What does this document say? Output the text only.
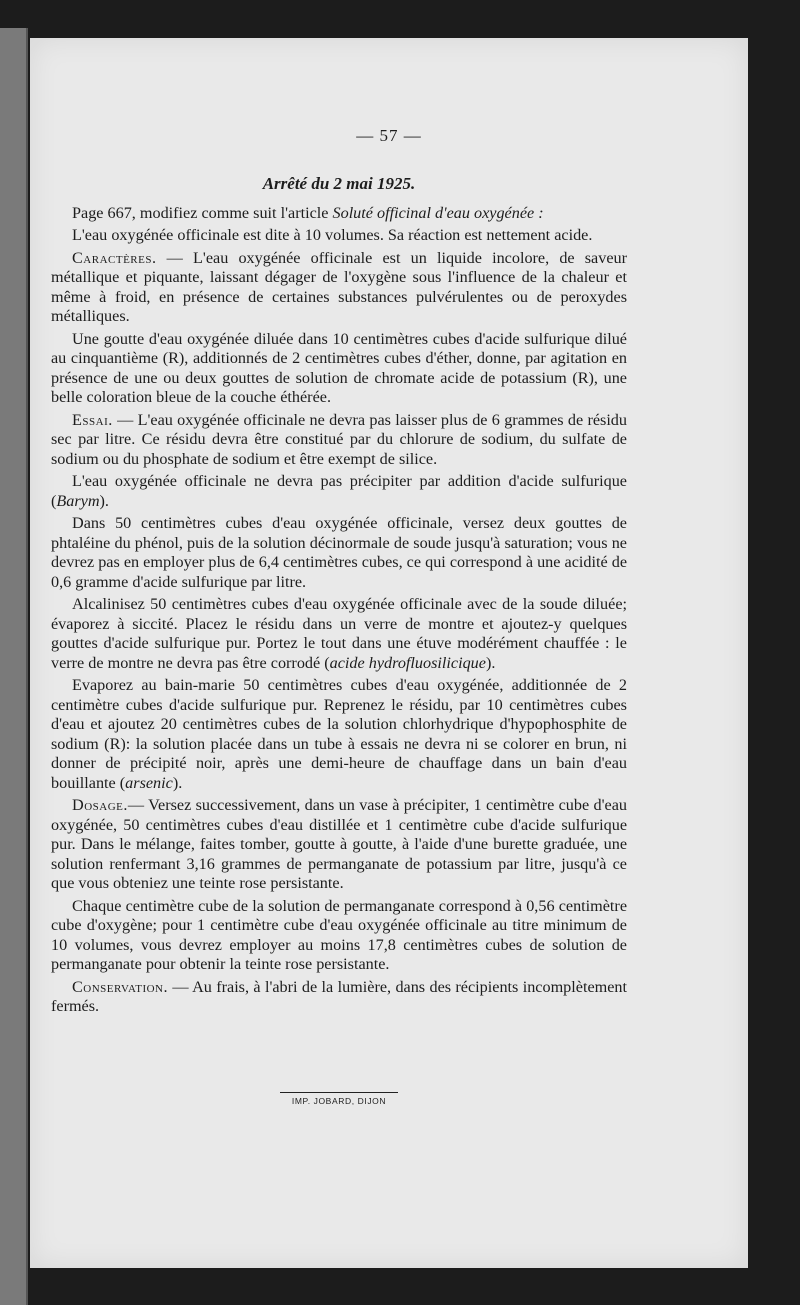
— 57 —
Arrêté du 2 mai 1925.

Page 667, modifiez comme suit l'article Soluté officinal d'eau oxygénée :

L'eau oxygénée officinale est dite à 10 volumes. Sa réaction est nettement acide.

Caractères. — L'eau oxygénée officinale est un liquide incolore, de saveur métallique et piquante, laissant dégager de l'oxygène sous l'influence de la chaleur et même à froid, en présence de certaines substances pulvérulentes ou de peroxydes métalliques.

Une goutte d'eau oxygénée diluée dans 10 centimètres cubes d'acide sulfurique dilué au cinquantième (R), additionnés de 2 centimètres cubes d'éther, donne, par agitation en présence de une ou deux gouttes de solution de chromate acide de potassium (R), une belle coloration bleue de la couche éthérée.

Essai. — L'eau oxygénée officinale ne devra pas laisser plus de 6 grammes de résidu sec par litre. Ce résidu devra être constitué par du chlorure de sodium, du sulfate de sodium ou du phosphate de sodium et être exempt de silice.

L'eau oxygénée officinale ne devra pas précipiter par addition d'acide sulfurique (Barym).

Dans 50 centimètres cubes d'eau oxygénée officinale, versez deux gouttes de phtaléine du phénol, puis de la solution décinormale de soude jusqu'à saturation; vous ne devrez pas en employer plus de 6,4 centimètres cubes, ce qui correspond à une acidité de 0,6 gramme d'acide sulfurique par litre.

Alcalinisez 50 centimètres cubes d'eau oxygénée officinale avec de la soude diluée; évaporez à siccité. Placez le résidu dans un verre de montre et ajoutez-y quelques gouttes d'acide sulfurique pur. Portez le tout dans une étuve modérément chauffée : le verre de montre ne devra pas être corrodé (acide hydrofluosilicique).

Evaporez au bain-marie 50 centimètres cubes d'eau oxygénée, additionnée de 2 centimètre cubes d'acide sulfurique pur. Reprenez le résidu, par 10 centimètres cubes d'eau et ajoutez 20 centimètres cubes de la solution chlorhydrique d'hypophosphite de sodium (R): la solution placée dans un tube à essais ne devra ni se colorer en brun, ni donner de précipité noir, après une demi-heure de chauffage dans un bain d'eau bouillante (arsenic).

Dosage.— Versez successivement, dans un vase à précipiter, 1 centimètre cube d'eau oxygénée, 50 centimètres cubes d'eau distillée et 1 centimètre cube d'acide sulfurique pur. Dans le mélange, faites tomber, goutte à goutte, à l'aide d'une burette graduée, une solution renfermant 3,16 grammes de permanganate de potassium par litre, jusqu'à ce que vous obteniez une teinte rose persistante.

Chaque centimètre cube de la solution de permanganate correspond à 0,56 centimètre cube d'oxygène; pour 1 centimètre cube d'eau oxygénée officinale au titre minimum de 10 volumes, vous devrez employer au moins 17,8 centimètres cubes de solution de permanganate pour obtenir la teinte rose persistante.

Conservation. — Au frais, à l'abri de la lumière, dans des récipients incomplètement fermés.

IMP. JOBARD, DIJON
